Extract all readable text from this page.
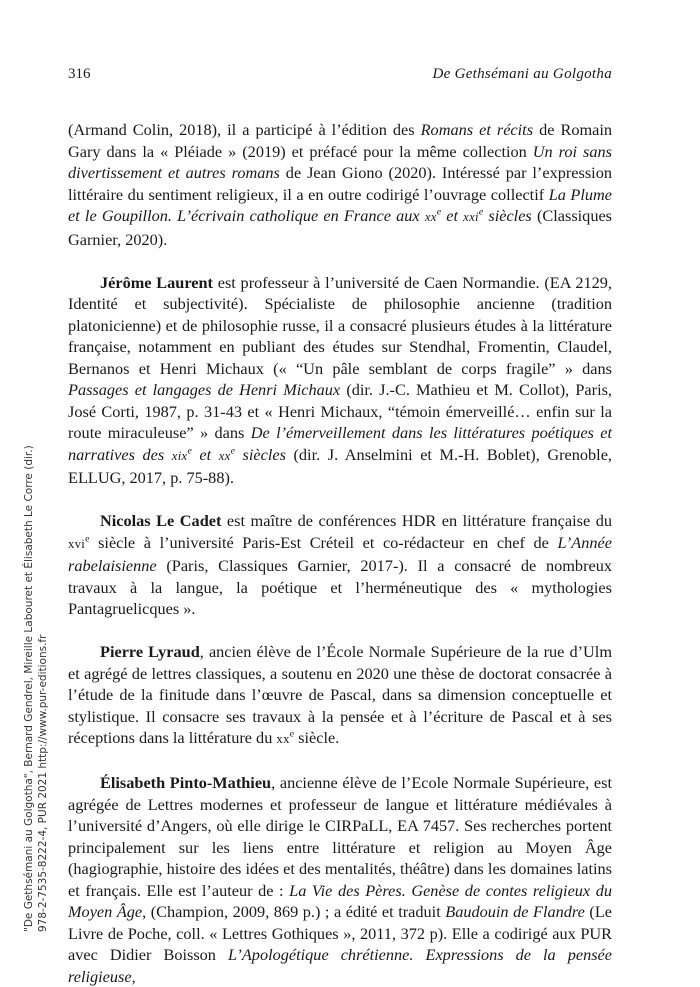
316	De Gethsémani au Golgotha

(Armand Colin, 2018), il a participé à l’édition des Romans et récits de Romain Gary dans la « Pléiade » (2019) et préfacé pour la même collection Un roi sans divertissement et autres romans de Jean Giono (2020). Intéressé par l’expression littéraire du sentiment religieux, il a en outre codirigé l’ouvrage collectif La Plume et le Goupillon. L’écrivain catholique en France aux $xx^e$ et xxi$^e$ siècles (Classiques Garnier, 2020).

Jérôme Laurent est professeur à l’université de Caen Normandie. (EA 2129, Identité et subjectivité). Spécialiste de philosophie ancienne (tradition platonicienne) et de philosophie russe, il a consacré plusieurs études à la littérature française, notamment en publiant des études sur Stendhal, Fromentin, Claudel, Bernanos et Henri Michaux (« “Un pâle semblant de corps fragile” » dans Passages et langages de Henri Michaux (dir. J.-C. Mathieu et M. Collot), Paris, José Corti, 1987, p. 31-43 et « Henri Michaux, “témoin émerveillé… enfin sur la route miraculeuse” » dans De l’émerveillement dans les littératures poétiques et narratives des xix$^e$ et $xx^e$ siècles (dir. J. Anselmini et M.-H. Boblet), Grenoble, ELLUG, 2017, p. 75-88).

Nicolas Le Cadet est maître de conférences HDR en littérature française du xvi$^e$ siècle à l’université Paris-Est Créteil et co-rédacteur en chef de L’Année rabelaisienne (Paris, Classiques Garnier, 2017-). Il a consacré de nombreux travaux à la langue, la poétique et l’herméneutique des « mythologies Pantagruelicques ».

Pierre Lyraud, ancien élève de l’École Normale Supérieure de la rue d’Ulm et agrégé de lettres classiques, a soutenu en 2020 une thèse de doctorat consacrée à l’étude de la finitude dans l’œuvre de Pascal, dans sa dimension conceptuelle et stylistique. Il consacre ses travaux à la pensée et à l’écriture de Pascal et à ses réceptions dans la littérature du $xx^e$ siècle.

Élisabeth Pinto-Mathieu, ancienne élève de l’Ecole Normale Supérieure, est agrégée de Lettres modernes et professeur de langue et littérature médiévales à l’université d’Angers, où elle dirige le CIRPaLL, EA 7457. Ses recherches portent principalement sur les liens entre littérature et religion au Moyen Âge (hagiographie, histoire des idées et des mentalités, théâtre) dans les domaines latins et français. Elle est l’auteur de : La Vie des Pères. Genèse de contes religieux du Moyen Âge, (Champion, 2009, 869 p.) ; a édité et traduit Baudouin de Flandre (Le Livre de Poche, coll. « Lettres Gothiques », 2011, 372 p). Elle a codirigé aux PUR avec Didier Boisson L’Apologétique chrétienne. Expressions de la pensée religieuse,

"De Gethsémani au Golgotha", Bernard Gendrel, Mireille Labouret et Élisabeth Le Corre (dir.) 978-2-7535-8222-4, PUR 2021 http://www.pur-editions.fr
